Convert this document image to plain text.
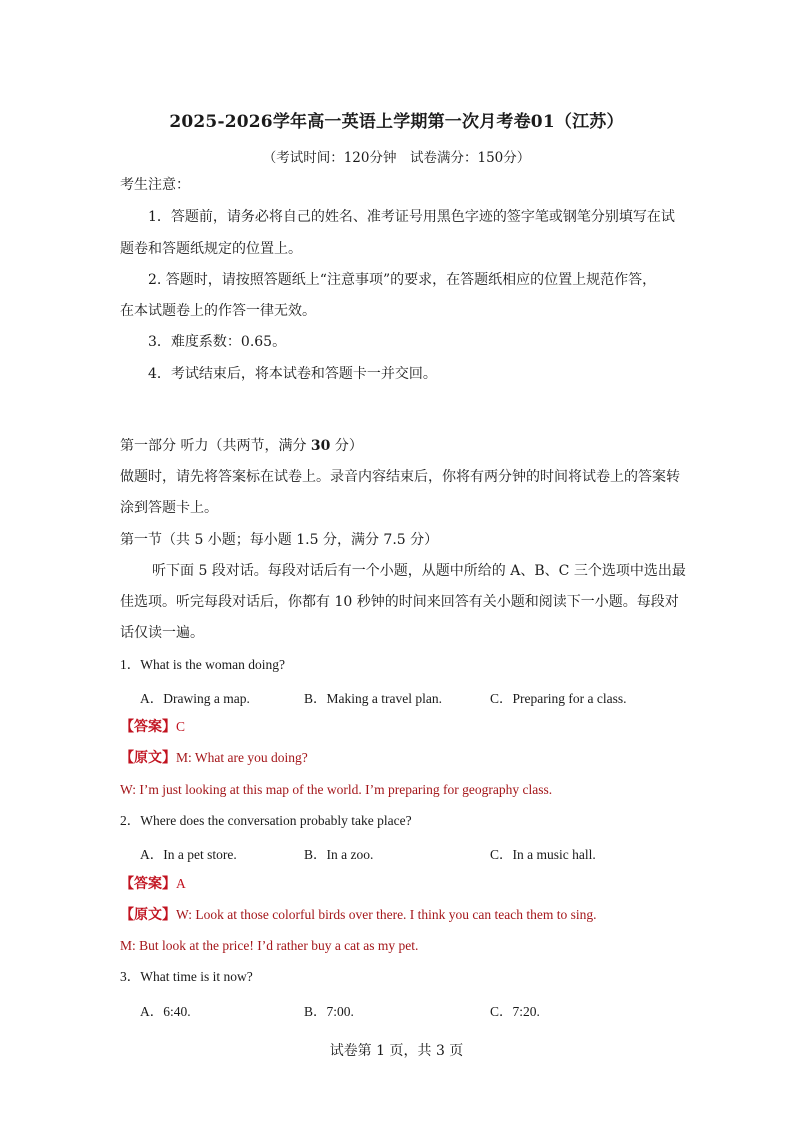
2025-2026学年高一英语上学期第一次月考卷01（江苏）
（考试时间：120分钟　试卷满分：150分）
考生注意：
1．答题前，请务必将自己的姓名、准考证号用黑色字迹的签字笔或钢笔分别填写在试
题卷和答题纸规定的位置上。
2. 答题时，请按照答题纸上“注意事项”的要求，在答题纸相应的位置上规范作答，
在本试题卷上的作答一律无效。
3．难度系数：0.65。
4．考试结束后，将本试卷和答题卡一并交回。
第一部分 听力（共两节，满分 30 分）
做题时，请先将答案标在试卷上。录音内容结束后，你将有两分钟的时间将试卷上的答案转
涂到答题卡上。
第一节（共 5 小题；每小题 1.5 分，满分 7.5 分）
听下面 5 段对话。每段对话后有一个小题，从题中所给的 A、B、C 三个选项中选出最
佳选项。听完每段对话后，你都有 10 秒钟的时间来回答有关小题和阅读下一小题。每段对
话仅读一遍。
1．What is the woman doing?
A．Drawing a map.	B．Making a travel plan.	C．Preparing for a class.
【答案】C
【原文】M: What are you doing?
W: I’m just looking at this map of the world. I’m preparing for geography class.
2．Where does the conversation probably take place?
A．In a pet store.	B．In a zoo.	C．In a music hall.
【答案】A
【原文】W: Look at those colorful birds over there. I think you can teach them to sing.
M: But look at the price! I’d rather buy a cat as my pet.
3．What time is it now?
A．6:40.	B．7:00.	C．7:20.
试卷第 1 页，共 3 页
